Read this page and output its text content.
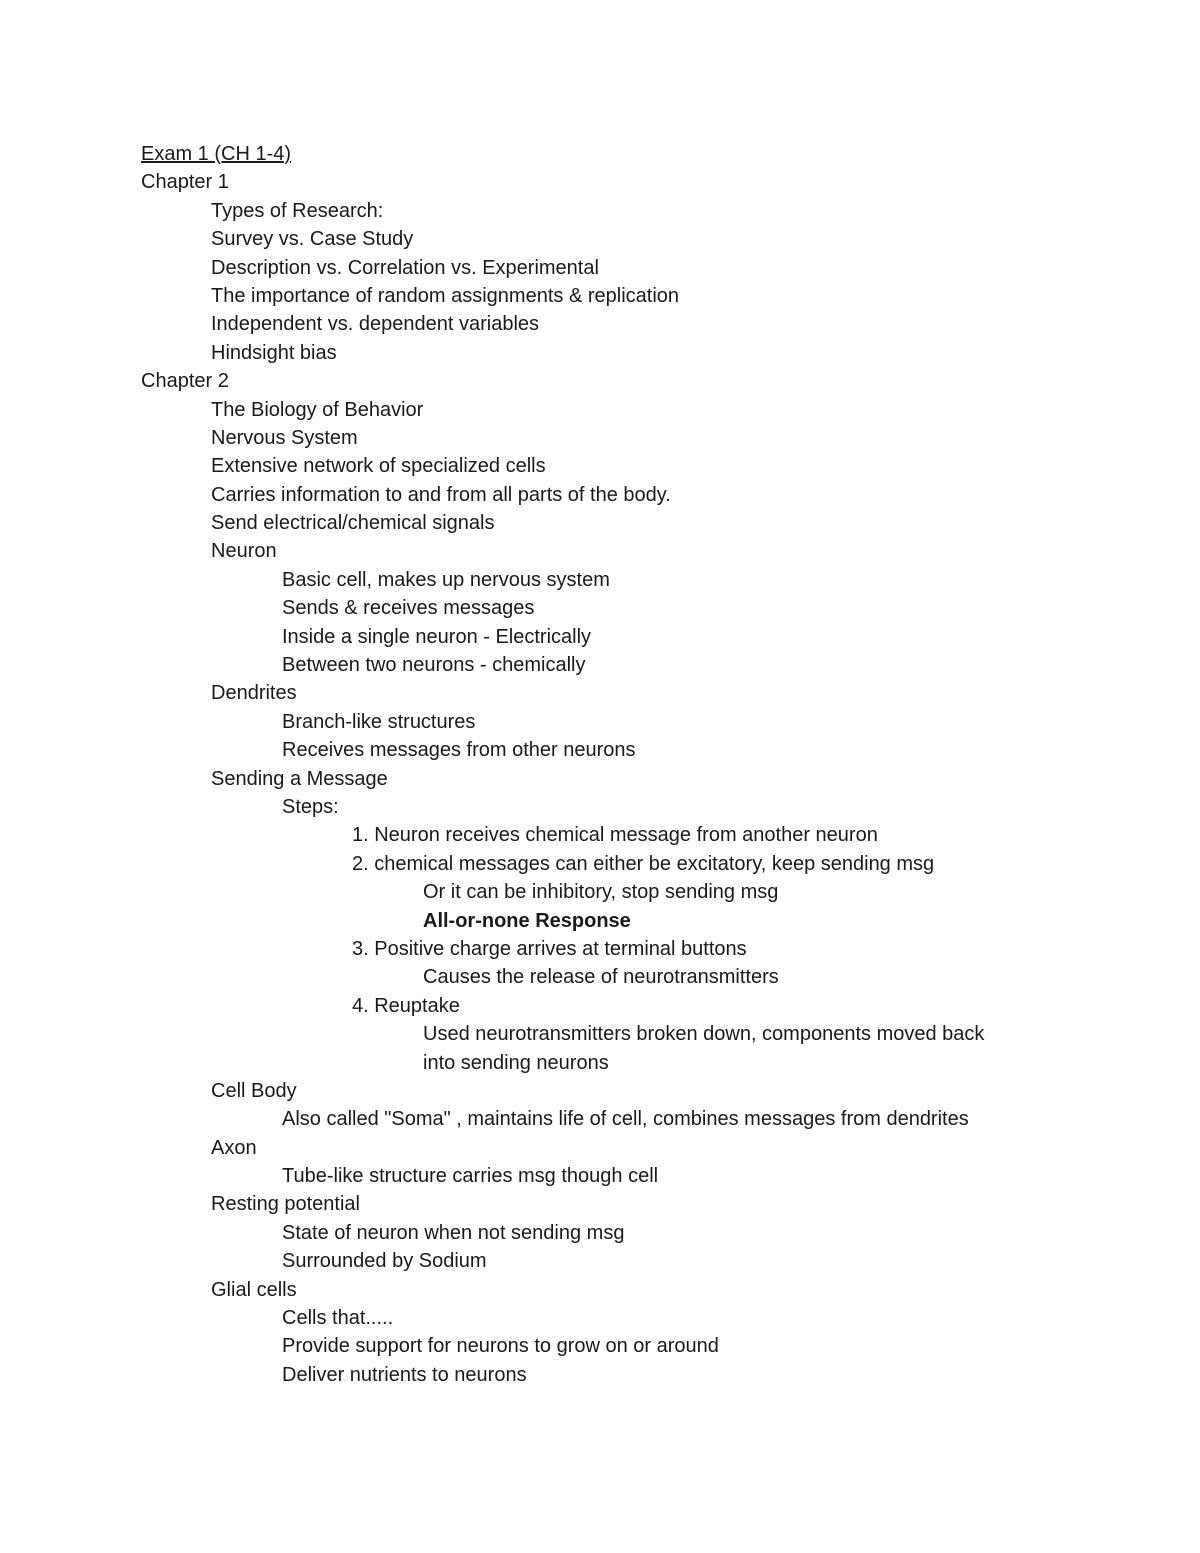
Exam 1 (CH 1-4)
Chapter 1
Types of Research:
Survey vs. Case Study
Description vs. Correlation vs. Experimental
The importance of random assignments & replication
Independent vs. dependent variables
Hindsight bias
Chapter 2
The Biology of Behavior
Nervous System
Extensive network of specialized cells
Carries information to and from all parts of the body.
Send electrical/chemical signals
Neuron
Basic cell, makes up nervous system
Sends & receives messages
Inside a single neuron - Electrically
Between two neurons - chemically
Dendrites
Branch-like structures
Receives messages from other neurons
Sending a Message
Steps:
1. Neuron receives chemical message from another neuron
2. chemical messages can either be excitatory, keep sending msg
Or it can be inhibitory, stop sending msg
All-or-none Response
3. Positive charge arrives at terminal buttons
Causes the release of neurotransmitters
4. Reuptake
Used neurotransmitters broken down, components moved back
into sending neurons
Cell Body
Also called "Soma" , maintains life of cell, combines messages from dendrites
Axon
Tube-like structure carries msg though cell
Resting potential
State of neuron when not sending msg
Surrounded by Sodium
Glial cells
Cells that.....
Provide support for neurons to grow on or around
Deliver nutrients to neurons
